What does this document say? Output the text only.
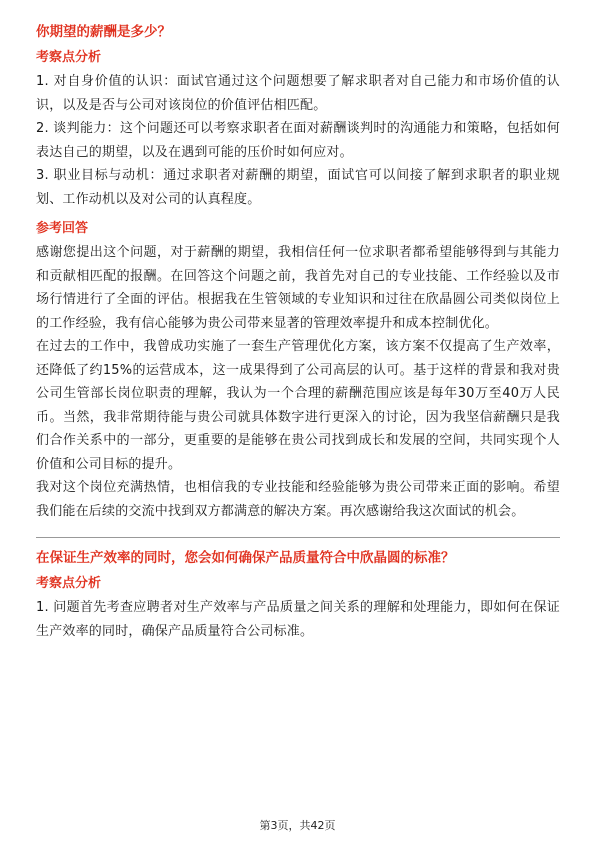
你期望的薪酬是多少？
考察点分析

1. 对自身价值的认识：面试官通过这个问题想要了解求职者对自己能力和市场价值的认识，以及是否与公司对该岗位的价值评估相匹配。

2. 谈判能力：这个问题还可以考察求职者在面对薪酬谈判时的沟通能力和策略，包括如何表达自己的期望，以及在遇到可能的压价时如何应对。

3. 职业目标与动机：通过求职者对薪酬的期望，面试官可以间接了解到求职者的职业规划、工作动机以及对公司的认真程度。

参考回答

感谢您提出这个问题，对于薪酬的期望，我相信任何一位求职者都希望能够得到与其能力和贡献相匹配的报酬。在回答这个问题之前，我首先对自己的专业技能、工作经验以及市场行情进行了全面的评估。根据我在生管领域的专业知识和过往在欣晶圆公司类似岗位上的工作经验，我有信心能够为贵公司带来显著的管理效率提升和成本控制优化。

在过去的工作中，我曾成功实施了一套生产管理优化方案，该方案不仅提高了生产效率，还降低了约15%的运营成本，这一成果得到了公司高层的认可。基于这样的背景和我对贵公司生管部长岗位职责的理解，我认为一个合理的薪酬范围应该是每年30万至40万人民币。当然，我非常期待能与贵公司就具体数字进行更深入的讨论，因为我坚信薪酬只是我们合作关系中的一部分，更重要的是能够在贵公司找到成长和发展的空间，共同实现个人价值和公司目标的提升。

我对这个岗位充满热情，也相信我的专业技能和经验能够为贵公司带来正面的影响。希望我们能在后续的交流中找到双方都满意的解决方案。再次感谢给我这次面试的机会。

在保证生产效率的同时，您会如何确保产品质量符合中欣晶圆的标准？
考察点分析

1. 问题首先考查应聘者对生产效率与产品质量之间关系的理解和处理能力，即如何在保证生产效率的同时，确保产品质量符合公司标准。

第3页，共42页
